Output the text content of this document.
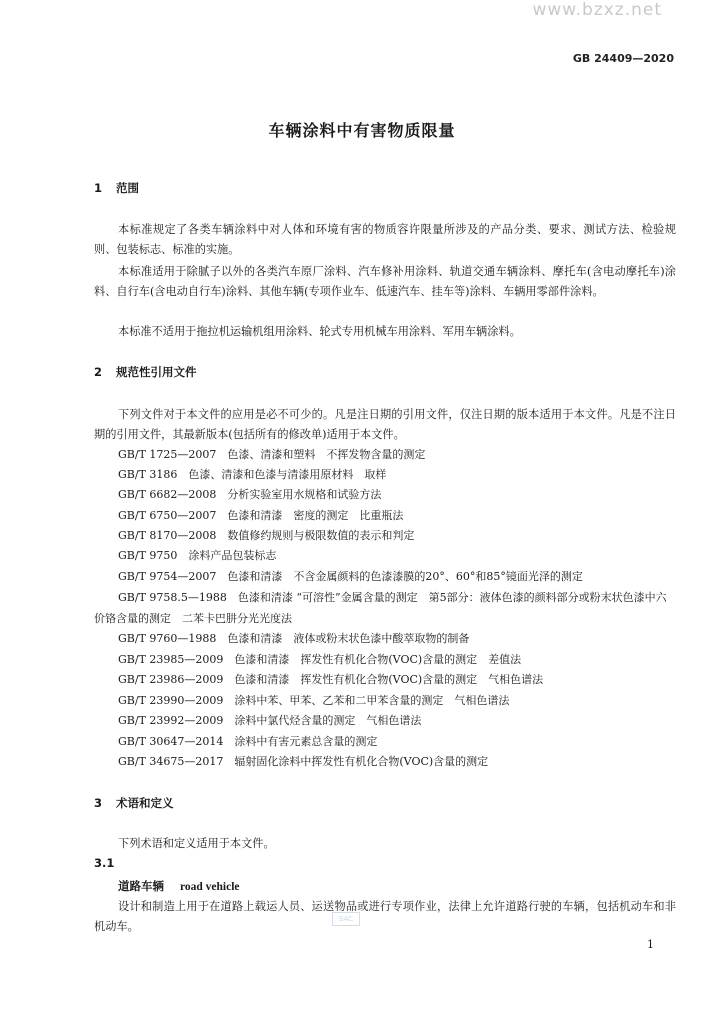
www.bzxz.net
GB 24409—2020
车辆涂料中有害物质限量
1 范围

本标准规定了各类车辆涂料中对人体和环境有害的物质容许限量所涉及的产品分类、要求、测试方法、检验规则、包装标志、标准的实施。

本标准适用于除腻子以外的各类汽车原厂涂料、汽车修补用涂料、轨道交通车辆涂料、摩托车(含电动摩托车)涂料、自行车(含电动自行车)涂料、其他车辆(专项作业车、低速汽车、挂车等)涂料、车辆用零部件涂料。

本标准不适用于拖拉机运输机组用涂料、轮式专用机械车用涂料、军用车辆涂料。

2 规范性引用文件

下列文件对于本文件的应用是必不可少的。凡是注日期的引用文件，仅注日期的版本适用于本文件。凡是不注日期的引用文件，其最新版本(包括所有的修改单)适用于本文件。

GB/T 1725—2007　色漆、清漆和塑料　不挥发物含量的测定
GB/T 3186　色漆、清漆和色漆与清漆用原材料　取样
GB/T 6682—2008　分析实验室用水规格和试验方法
GB/T 6750—2007　色漆和清漆　密度的测定　比重瓶法
GB/T 8170—2008　数值修约规则与极限数值的表示和判定
GB/T 9750　涂料产品包装标志
GB/T 9754—2007　色漆和清漆　不含金属颜料的色漆漆膜的20°、60°和85°镜面光泽的测定
GB/T 9758.5—1988　色漆和清漆 “可溶性”金属含量的测定　第5部分：液体色漆的颜料部分或粉末状色漆中六价铬含量的测定　二苯卡巴肼分光光度法
GB/T 9760—1988　色漆和清漆　液体或粉末状色漆中酸萃取物的制备
GB/T 23985—2009　色漆和清漆　挥发性有机化合物(VOC)含量的测定　差值法
GB/T 23986—2009　色漆和清漆　挥发性有机化合物(VOC)含量的测定　气相色谱法
GB/T 23990—2009　涂料中苯、甲苯、乙苯和二甲苯含量的测定　气相色谱法
GB/T 23992—2009　涂料中氯代烃含量的测定　气相色谱法
GB/T 30647—2014　涂料中有害元素总含量的测定
GB/T 34675—2017　辐射固化涂料中挥发性有机化合物(VOC)含量的测定
3 术语和定义

下列术语和定义适用于本文件。

3.1
道路车辆 road vehicle

设计和制造上用于在道路上载运人员、运送物品或进行专项作业，法律上允许道路行驶的车辆，包括机动车和非机动车。

SAC
1
